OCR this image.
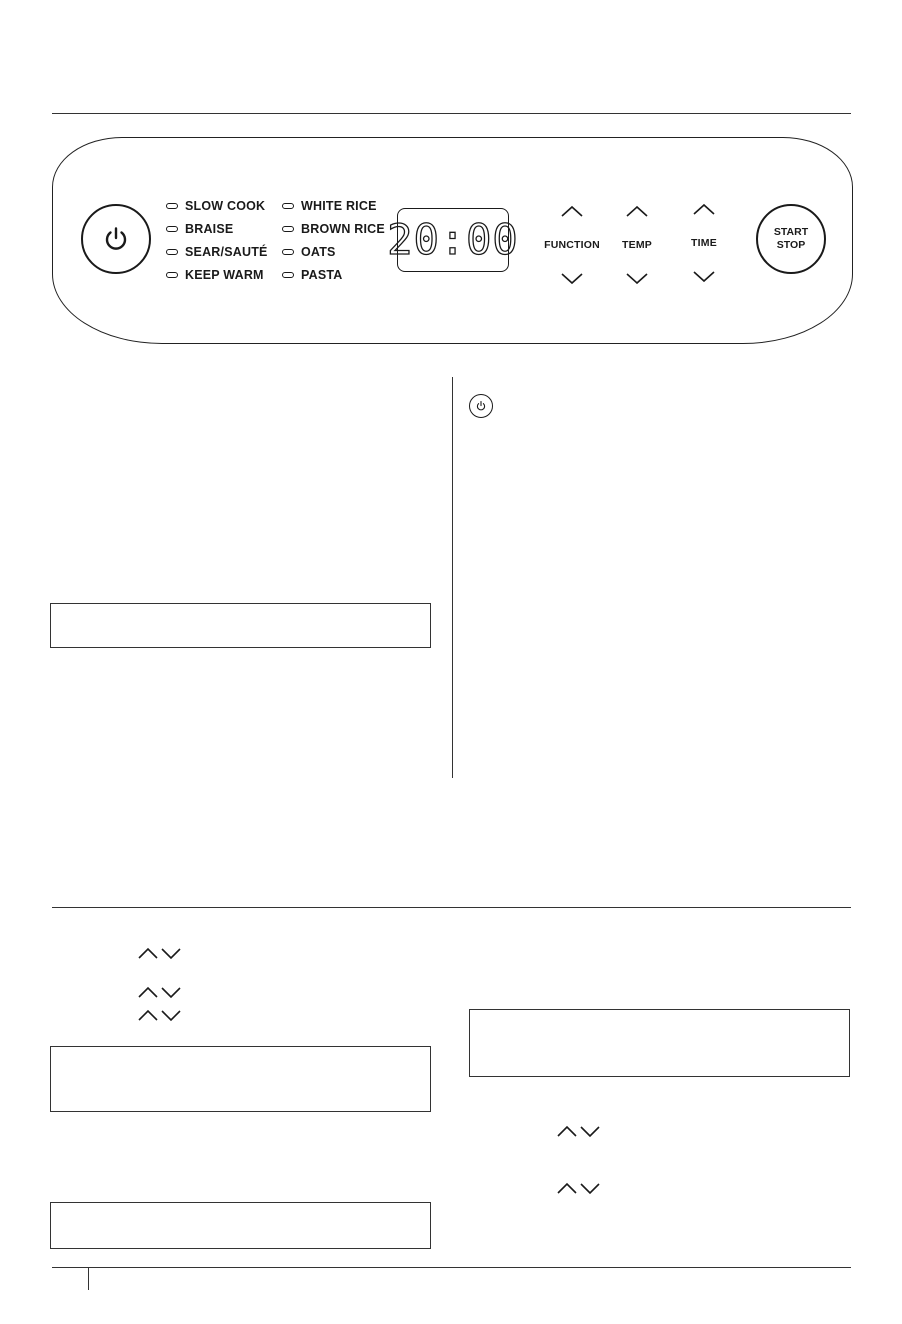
SLOW COOK
BRAISE
SEAR/SAUTÉ
KEEP WARM
WHITE RICE
BROWN RICE
OATS
PASTA
20:00	FUNCTION	TEMP	TIME
START
STOP
